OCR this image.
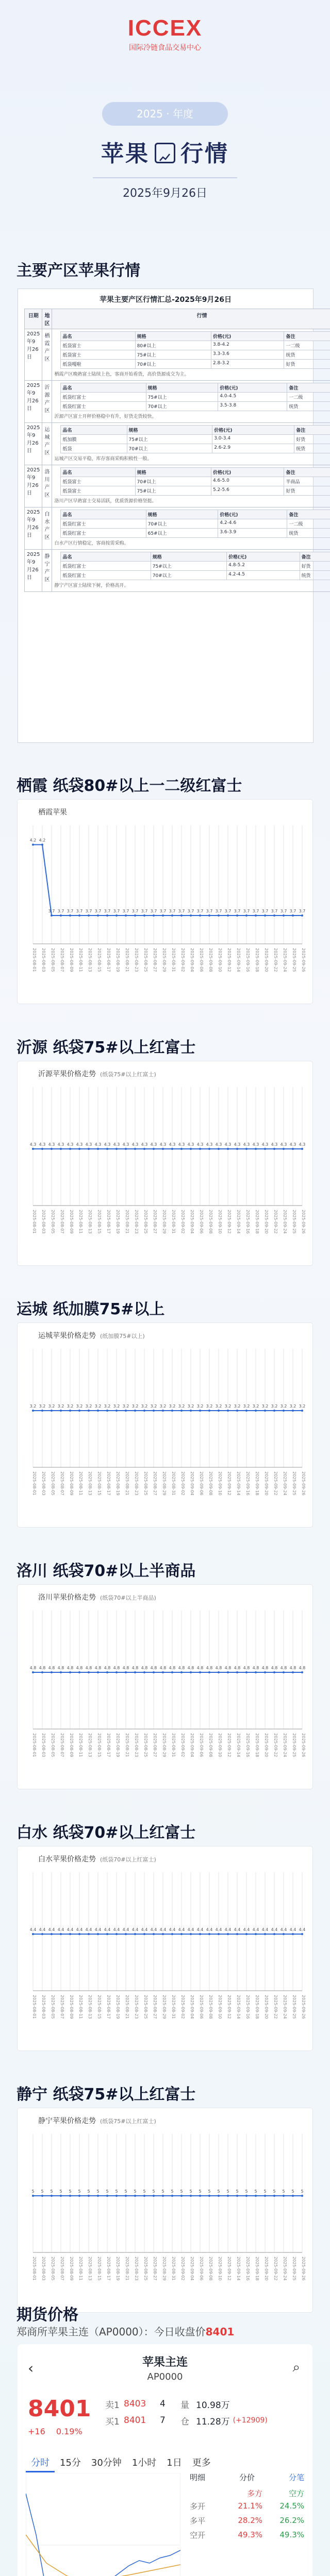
ICCEX
国际冷链食品交易中心
2025 · 年度
苹果 行情
2025年9月26日
主要产区苹果行情
苹果主要产区行情汇总-2025年9月26日
日期	地区	行情
2025年9月26日	栖霞产区	
品名	规格	价格(元)	备注
纸袋富士	80#以上	3.8-4.2	一二级
纸袋富士	75#以上	3.3-3.6	统货
纸袋嘎啦	70#以上	2.8-3.2	好货
栖霞产区晚熟富士陆续上色，客商开始看货，高价货源成交为主。

2025年9月26日	沂源产区	
品名	规格	价格(元)	备注
纸袋红富士	75#以上	4.0-4.5	一二级
纸袋红富士	70#以上	3.5-3.8	统货
沂源产区富士开秤价格稳中有升，好货走货较快。

2025年9月26日	运城产区	
品名	规格	价格(元)	备注
纸加膜	75#以上	3.0-3.4	好货
纸袋	70#以上	2.6-2.9	统货
运城产区交易平稳，库存客商采购积极性一般。

2025年9月26日	洛川产区	
品名	规格	价格(元)	备注
纸袋富士	70#以上	4.6-5.0	半商品
纸袋富士	75#以上	5.2-5.6	好货
洛川产区早熟富士交易活跃，优质货源价格坚挺。

2025年9月26日	白水产区	
品名	规格	价格(元)	备注
纸袋红富士	70#以上	4.2-4.6	一二级
纸袋红富士	65#以上	3.6-3.9	统货
白水产区行情稳定，客商按需采购。

2025年9月26日	静宁产区	
品名	规格	价格(元)	备注
纸袋红富士	75#以上	4.8-5.2	好货
纸袋红富士	70#以上	4.2-4.5	统货
静宁产区富士陆续下树，价格高开。
栖霞 纸袋80#以上一二级红富士
栖霞苹果
4.2
2025-08-01
4.2
2025-08-03
3.7
2025-08-05
3.7
2025-08-07
3.7
2025-08-09
3.7
2025-08-11
3.7
2025-08-13
3.7
2025-08-15
3.7
2025-08-17
3.7
2025-08-19
3.7
2025-08-21
3.7
2025-08-23
3.7
2025-08-25
3.7
2025-08-27
3.7
2025-08-29
3.7
2025-08-31
3.7
2025-09-02
3.7
2025-09-04
3.7
2025-09-06
3.7
2025-09-08
3.7
2025-09-10
3.7
2025-09-12
3.7
2025-09-14
3.7
2025-09-16
3.7
2025-09-18
3.7
2025-09-20
3.7
2025-09-22
3.7
2025-09-24
3.7
2025-09-25
3.7
2025-09-26
沂源 纸袋75#以上红富士
沂源苹果价格走势 (纸袋75#以上红富士)
4.3
2025-08-01
4.3
2025-08-03
4.3
2025-08-05
4.3
2025-08-07
4.3
2025-08-09
4.3
2025-08-11
4.3
2025-08-13
4.3
2025-08-15
4.3
2025-08-17
4.3
2025-08-19
4.3
2025-08-21
4.3
2025-08-23
4.3
2025-08-25
4.3
2025-08-27
4.3
2025-08-29
4.3
2025-08-31
4.3
2025-09-02
4.3
2025-09-04
4.3
2025-09-06
4.3
2025-09-08
4.3
2025-09-10
4.3
2025-09-12
4.3
2025-09-14
4.3
2025-09-16
4.3
2025-09-18
4.3
2025-09-20
4.3
2025-09-22
4.3
2025-09-24
4.3
2025-09-25
4.3
2025-09-26
运城 纸加膜75#以上
运城苹果价格走势 (纸加膜75#以上)
3.2
2025-08-01
3.2
2025-08-03
3.2
2025-08-05
3.2
2025-08-07
3.2
2025-08-09
3.2
2025-08-11
3.2
2025-08-13
3.2
2025-08-15
3.2
2025-08-17
3.2
2025-08-19
3.2
2025-08-21
3.2
2025-08-23
3.2
2025-08-25
3.2
2025-08-27
3.2
2025-08-29
3.2
2025-08-31
3.2
2025-09-02
3.2
2025-09-04
3.2
2025-09-06
3.2
2025-09-08
3.2
2025-09-10
3.2
2025-09-12
3.2
2025-09-14
3.2
2025-09-16
3.2
2025-09-18
3.2
2025-09-20
3.2
2025-09-22
3.2
2025-09-24
3.2
2025-09-25
3.2
2025-09-26
洛川 纸袋70#以上半商品
洛川苹果价格走势 (纸袋70#以上半商品)
4.8
2025-08-01
4.8
2025-08-03
4.8
2025-08-05
4.8
2025-08-07
4.8
2025-08-09
4.8
2025-08-11
4.8
2025-08-13
4.8
2025-08-15
4.8
2025-08-17
4.8
2025-08-19
4.8
2025-08-21
4.8
2025-08-23
4.8
2025-08-25
4.8
2025-08-27
4.8
2025-08-29
4.8
2025-08-31
4.8
2025-09-02
4.8
2025-09-04
4.8
2025-09-06
4.8
2025-09-08
4.8
2025-09-10
4.8
2025-09-12
4.8
2025-09-14
4.8
2025-09-16
4.8
2025-09-18
4.8
2025-09-20
4.8
2025-09-22
4.8
2025-09-24
4.8
2025-09-25
4.8
2025-09-26
白水 纸袋70#以上红富士
白水苹果价格走势 (纸袋70#以上红富士)
4.4
2025-08-01
4.4
2025-08-03
4.4
2025-08-05
4.4
2025-08-07
4.4
2025-08-09
4.4
2025-08-11
4.4
2025-08-13
4.4
2025-08-15
4.4
2025-08-17
4.4
2025-08-19
4.4
2025-08-21
4.4
2025-08-23
4.4
2025-08-25
4.4
2025-08-27
4.4
2025-08-29
4.4
2025-08-31
4.4
2025-09-02
4.4
2025-09-04
4.4
2025-09-06
4.4
2025-09-08
4.4
2025-09-10
4.4
2025-09-12
4.4
2025-09-14
4.4
2025-09-16
4.4
2025-09-18
4.4
2025-09-20
4.4
2025-09-22
4.4
2025-09-24
4.4
2025-09-25
4.4
2025-09-26
静宁 纸袋75#以上红富士
静宁苹果价格走势 (纸袋75#以上红富士)
5
2025-08-01
5
2025-08-03
5
2025-08-05
5
2025-08-07
5
2025-08-09
5
2025-08-11
5
2025-08-13
5
2025-08-15
5
2025-08-17
5
2025-08-19
5
2025-08-21
5
2025-08-23
5
2025-08-25
5
2025-08-27
5
2025-08-29
5
2025-08-31
5
2025-09-02
5
2025-09-04
5
2025-09-06
5
2025-09-08
5
2025-09-10
5
2025-09-12
5
2025-09-14
5
2025-09-16
5
2025-09-18
5
2025-09-20
5
2025-09-22
5
2025-09-24
5
2025-09-25
5
2025-09-26
期货价格
郑商所苹果主连（AP0000）：今日收盘价8401
‹	苹果主连
AP0000
⌕
8401
+16 0.19%
卖1 8403	4	量 10.98万
买1 8401	7	仓 11.28万 (+12909)
分时	15分	30分钟	1小时	1日	更多
明细	分价	分笔
多方	空方
多开	21.1% 24.5%
多平	28.2% 26.2%
空开	49.3% 49.3%
